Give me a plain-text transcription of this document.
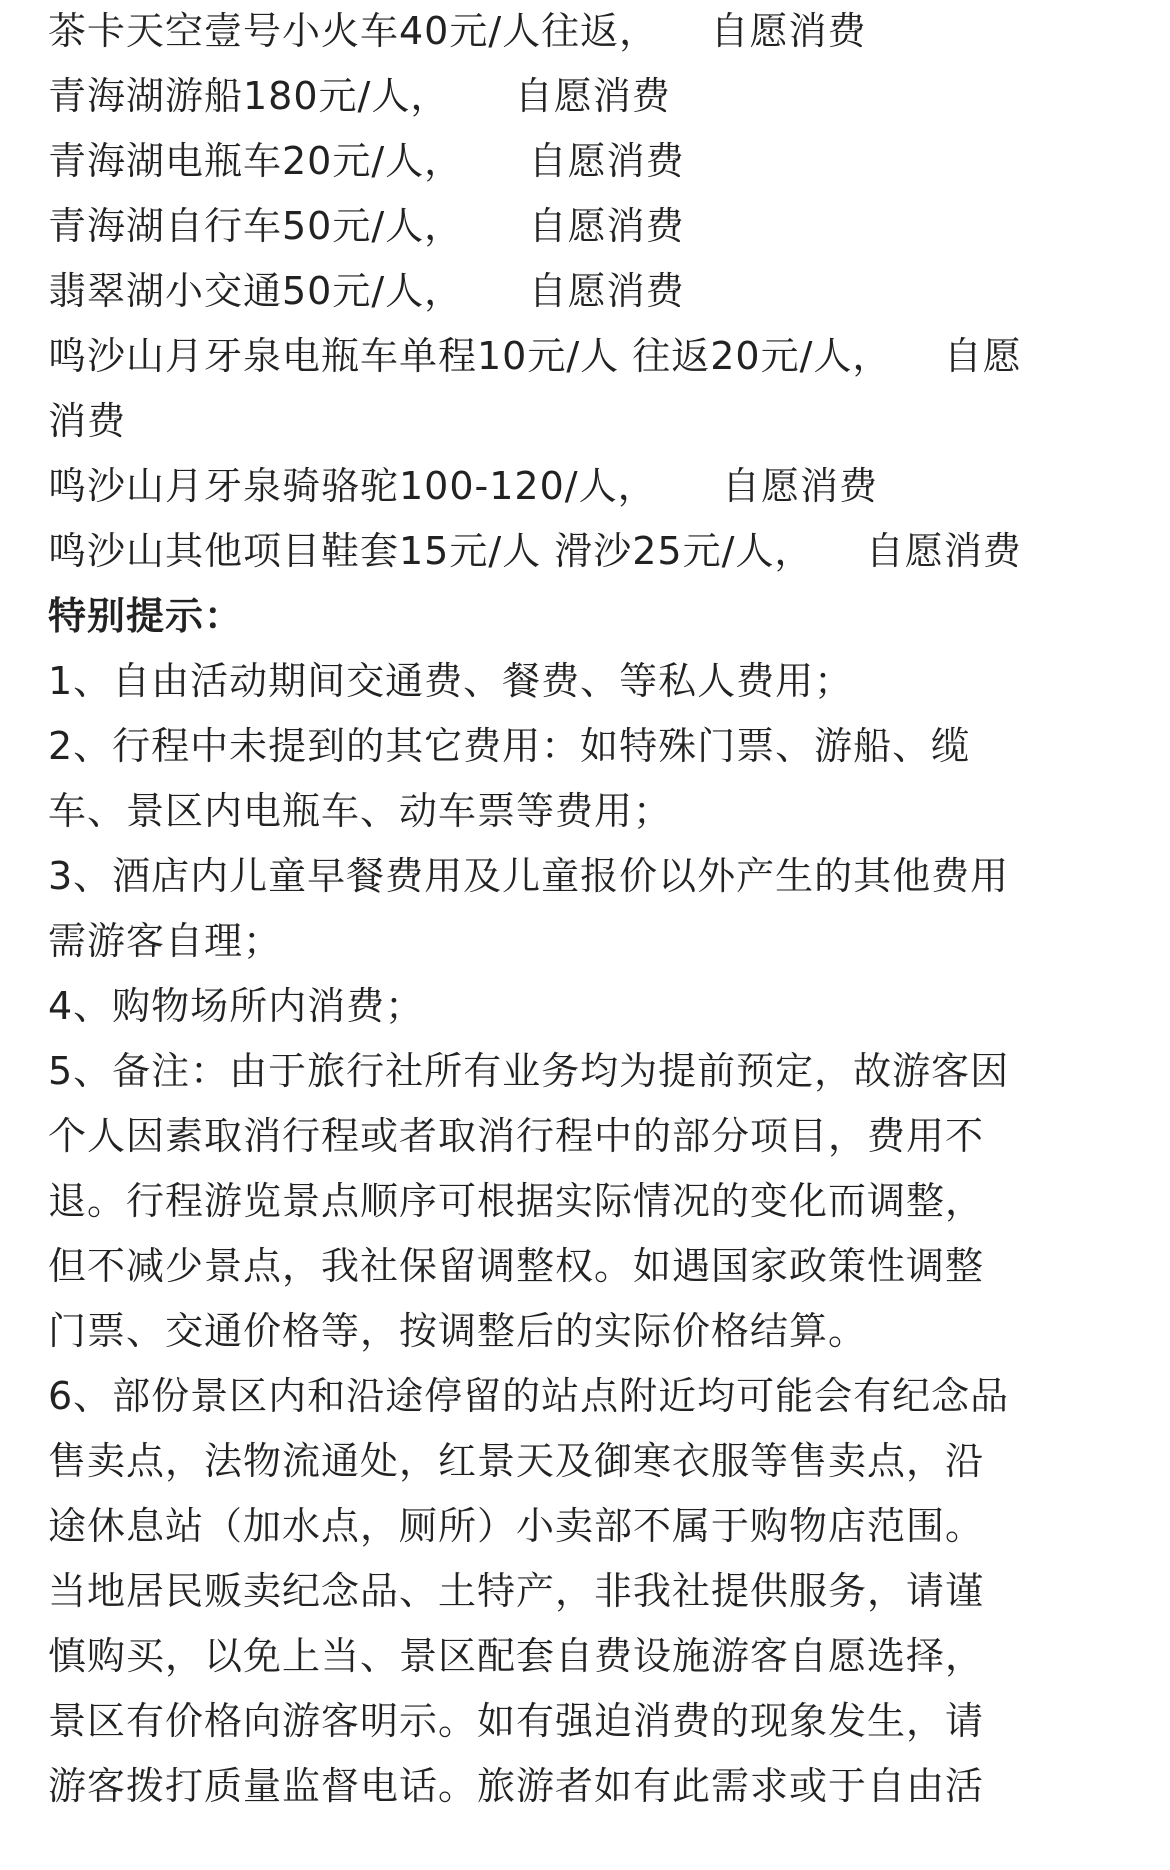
茶卡天空壹号小火车40元/人往返， 自愿消费
青海湖游船180元/人， 自愿消费
青海湖电瓶车20元/人， 自愿消费
青海湖自行车50元/人， 自愿消费
翡翠湖小交通50元/人， 自愿消费
鸣沙山月牙泉电瓶车单程10元/人 往返20元/人， 自愿
消费
鸣沙山月牙泉骑骆驼100-120/人， 自愿消费
鸣沙山其他项目鞋套15元/人 滑沙25元/人， 自愿消费
特别提示：
1、自由活动期间交通费、餐费、等私人费用；
2、行程中未提到的其它费用：如特殊门票、游船、缆
车、景区内电瓶车、动车票等费用；
3、酒店内儿童早餐费用及儿童报价以外产生的其他费用
需游客自理；
4、购物场所内消费；
5、备注：由于旅行社所有业务均为提前预定，故游客因
个人因素取消行程或者取消行程中的部分项目，费用不
退。行程游览景点顺序可根据实际情况的变化而调整，
但不减少景点，我社保留调整权。如遇国家政策性调整
门票、交通价格等，按调整后的实际价格结算。
6、部份景区内和沿途停留的站点附近均可能会有纪念品
售卖点，法物流通处，红景天及御寒衣服等售卖点，沿
途休息站（加水点，厕所）小卖部不属于购物店范围。
当地居民贩卖纪念品、土特产，非我社提供服务，请谨
慎购买，以免上当、景区配套自费设施游客自愿选择，
景区有价格向游客明示。如有强迫消费的现象发生，请
游客拨打质量监督电话。旅游者如有此需求或于自由活
